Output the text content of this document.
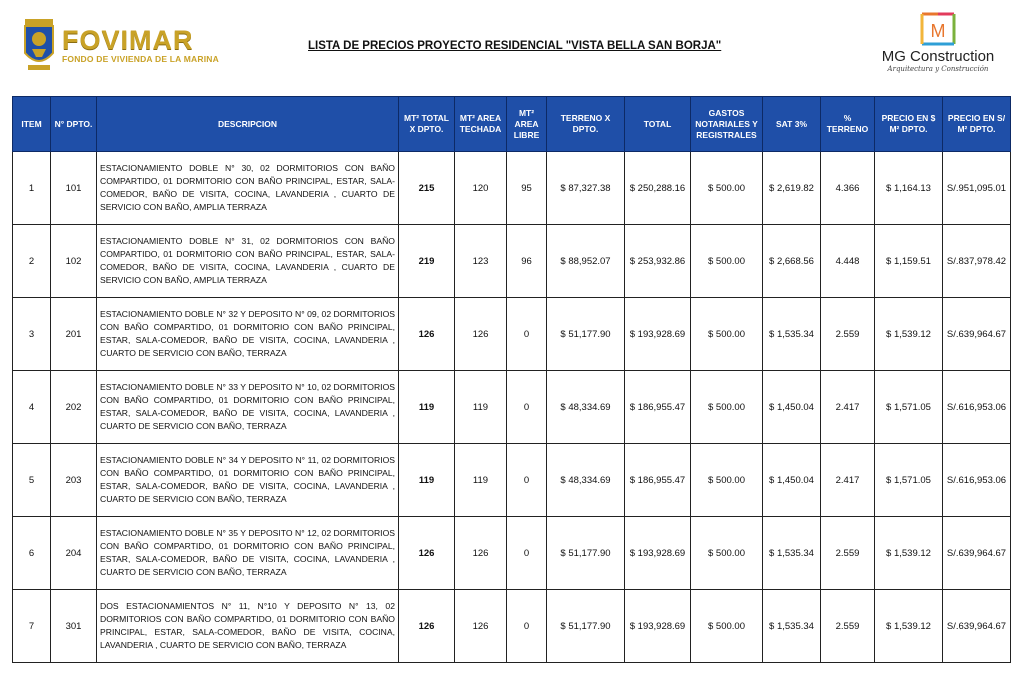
FOVIMAR
FONDO DE VIVIENDA DE LA MARINA
LISTA DE PRECIOS PROYECTO RESIDENCIAL "VISTA BELLA SAN BORJA"
M
MG Construction
Arquitectura y Construcción
ITEM	N° DPTO.	DESCRIPCION	MT² TOTAL X DPTO.	MT² AREA TECHADA	MT² AREA LIBRE	TERRENO X DPTO.	TOTAL	GASTOS NOTARIALES Y REGISTRALES	SAT 3%	% TERRENO	PRECIO EN $ M² DPTO.	PRECIO EN S/ M² DPTO.
1	101	ESTACIONAMIENTO DOBLE N° 30, 02 DORMITORIOS CON BAÑO COMPARTIDO, 01 DORMITORIO CON BAÑO PRINCIPAL, ESTAR, SALA-COMEDOR, BAÑO DE VISITA, COCINA, LAVANDERIA , CUARTO DE SERVICIO CON BAÑO, AMPLIA TERRAZA	215	120	95	$ 87,327.38	$ 250,288.16	$ 500.00	$ 2,619.82	4.366	$ 1,164.13	S/.951,095.01
2	102	ESTACIONAMIENTO DOBLE N° 31, 02 DORMITORIOS CON BAÑO COMPARTIDO, 01 DORMITORIO CON BAÑO PRINCIPAL, ESTAR, SALA-COMEDOR, BAÑO DE VISITA, COCINA, LAVANDERIA , CUARTO DE SERVICIO CON BAÑO, AMPLIA TERRAZA	219	123	96	$ 88,952.07	$ 253,932.86	$ 500.00	$ 2,668.56	4.448	$ 1,159.51	S/.837,978.42
3	201	ESTACIONAMIENTO DOBLE N° 32 Y DEPOSITO N° 09, 02 DORMITORIOS CON BAÑO COMPARTIDO, 01 DORMITORIO CON BAÑO PRINCIPAL, ESTAR, SALA-COMEDOR, BAÑO DE VISITA, COCINA, LAVANDERIA , CUARTO DE SERVICIO CON BAÑO, TERRAZA	126	126	0	$ 51,177.90	$ 193,928.69	$ 500.00	$ 1,535.34	2.559	$ 1,539.12	S/.639,964.67
4	202	ESTACIONAMIENTO DOBLE N° 33 Y DEPOSITO N° 10, 02 DORMITORIOS CON BAÑO COMPARTIDO, 01 DORMITORIO CON BAÑO PRINCIPAL, ESTAR, SALA-COMEDOR, BAÑO DE VISITA, COCINA, LAVANDERIA , CUARTO DE SERVICIO CON BAÑO, TERRAZA	119	119	0	$ 48,334.69	$ 186,955.47	$ 500.00	$ 1,450.04	2.417	$ 1,571.05	S/.616,953.06
5	203	ESTACIONAMIENTO DOBLE N° 34 Y DEPOSITO N° 11, 02 DORMITORIOS CON BAÑO COMPARTIDO, 01 DORMITORIO CON BAÑO PRINCIPAL, ESTAR, SALA-COMEDOR, BAÑO DE VISITA, COCINA, LAVANDERIA , CUARTO DE SERVICIO CON BAÑO, TERRAZA	119	119	0	$ 48,334.69	$ 186,955.47	$ 500.00	$ 1,450.04	2.417	$ 1,571.05	S/.616,953.06
6	204	ESTACIONAMIENTO DOBLE N° 35 Y DEPOSITO N° 12, 02 DORMITORIOS CON BAÑO COMPARTIDO, 01 DORMITORIO CON BAÑO PRINCIPAL, ESTAR, SALA-COMEDOR, BAÑO DE VISITA, COCINA, LAVANDERIA , CUARTO DE SERVICIO CON BAÑO, TERRAZA	126	126	0	$ 51,177.90	$ 193,928.69	$ 500.00	$ 1,535.34	2.559	$ 1,539.12	S/.639,964.67
7	301	DOS ESTACIONAMIENTOS N° 11, N°10 Y DEPOSITO N° 13, 02 DORMITORIOS CON BAÑO COMPARTIDO, 01 DORMITORIO CON BAÑO PRINCIPAL, ESTAR, SALA-COMEDOR, BAÑO DE VISITA, COCINA, LAVANDERIA , CUARTO DE SERVICIO CON BAÑO, TERRAZA	126	126	0	$ 51,177.90	$ 193,928.69	$ 500.00	$ 1,535.34	2.559	$ 1,539.12	S/.639,964.67
